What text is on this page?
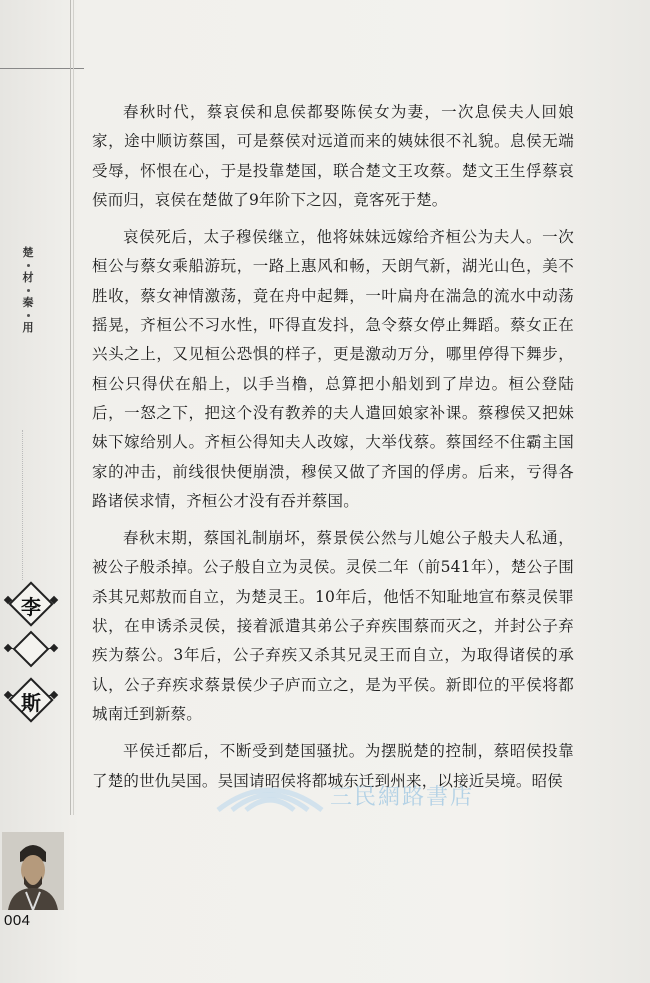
楚
材
秦
用
李
斯
004

春秋时代，蔡哀侯和息侯都娶陈侯女为妻，一次息侯夫人回娘家，途中顺访蔡国，可是蔡侯对远道而来的姨妹很不礼貌。息侯无端受辱，怀恨在心，于是投靠楚国，联合楚文王攻蔡。楚文王生俘蔡哀侯而归，哀侯在楚做了9年阶下之囚，竟客死于楚。

哀侯死后，太子穆侯继立，他将妹妹远嫁给齐桓公为夫人。一次桓公与蔡女乘船游玩，一路上惠风和畅，天朗气新，湖光山色，美不胜收，蔡女神情激荡，竟在舟中起舞，一叶扁舟在湍急的流水中动荡摇晃，齐桓公不习水性，吓得直发抖，急令蔡女停止舞蹈。蔡女正在兴头之上，又见桓公恐惧的样子，更是激动万分，哪里停得下舞步，桓公只得伏在船上，以手当橹，总算把小船划到了岸边。桓公登陆后，一怒之下，把这个没有教养的夫人遣回娘家补课。蔡穆侯又把妹妹下嫁给别人。齐桓公得知夫人改嫁，大举伐蔡。蔡国经不住霸主国家的冲击，前线很快便崩溃，穆侯又做了齐国的俘虏。后来，亏得各路诸侯求情，齐桓公才没有吞并蔡国。

春秋末期，蔡国礼制崩坏，蔡景侯公然与儿媳公子般夫人私通，被公子般杀掉。公子般自立为灵侯。灵侯二年（前541年），楚公子围杀其兄郏敖而自立，为楚灵王。10年后，他恬不知耻地宣布蔡灵侯罪状，在申诱杀灵侯，接着派遣其弟公子弃疾围蔡而灭之，并封公子弃疾为蔡公。3年后，公子弃疾又杀其兄灵王而自立，为取得诸侯的承认，公子弃疾求蔡景侯少子庐而立之，是为平侯。新即位的平侯将都城南迁到新蔡。

平侯迁都后，不断受到楚国骚扰。为摆脱楚的控制，蔡昭侯投靠了楚的世仇吴国。吴国请昭侯将都城东迁到州来，以接近吴境。昭侯

三民網路書店
